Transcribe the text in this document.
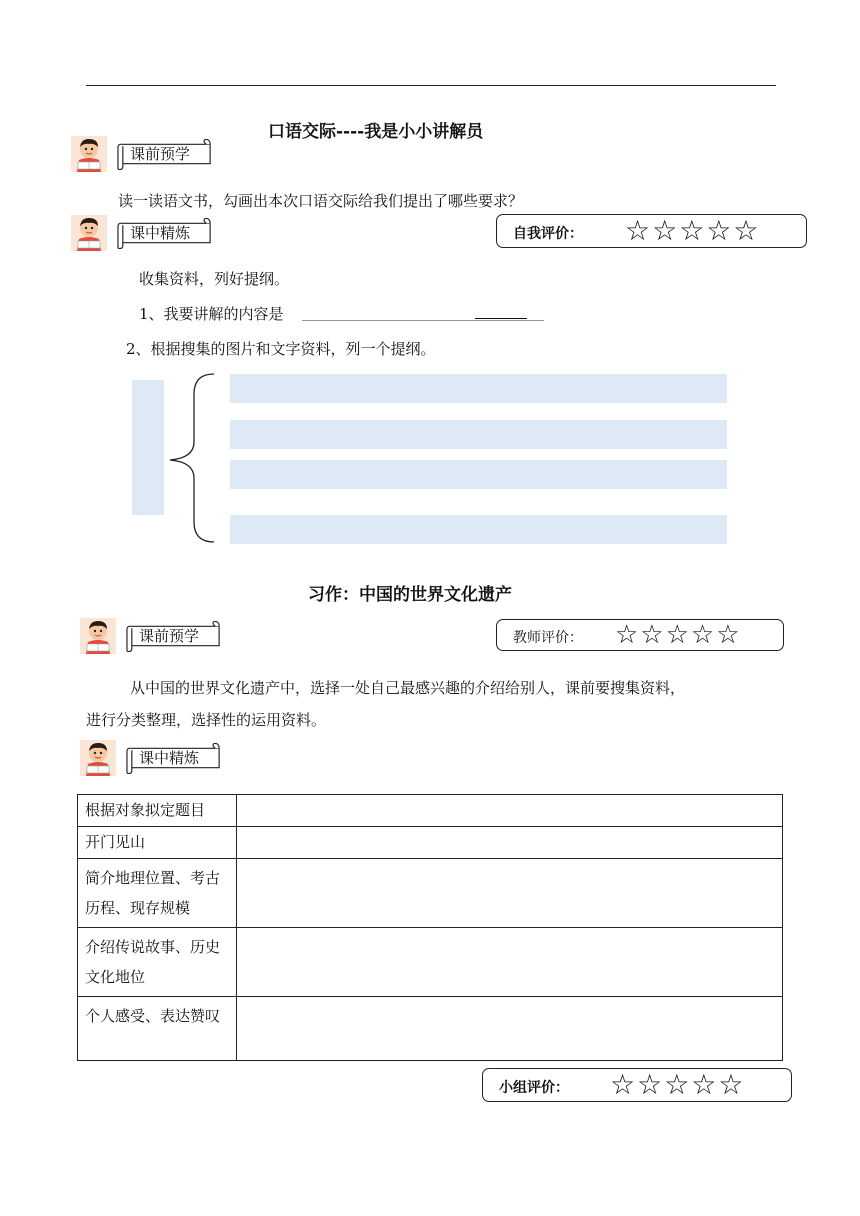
口语交际----我是小小讲解员
课前预学
读一读语文书，勾画出本次口语交际给我们提出了哪些要求？
课中精炼	自我评价： ☆☆☆☆☆
收集资料，列好提纲。
1、我要讲解的内容是
2、根据搜集的图片和文字资料，列一个提纲。
习作：中国的世界文化遗产
课前预学	教师评价： ☆☆☆☆☆
从中国的世界文化遗产中，选择一处自己最感兴趣的介绍给别人，课前要搜集资料，
进行分类整理，选择性的运用资料。
课中精炼
根据对象拟定题目	
开门见山	
简介地理位置、考古历程、现存规模	
介绍传说故事、历史文化地位	
个人感受、表达赞叹	
小组评价： ☆☆☆☆☆
